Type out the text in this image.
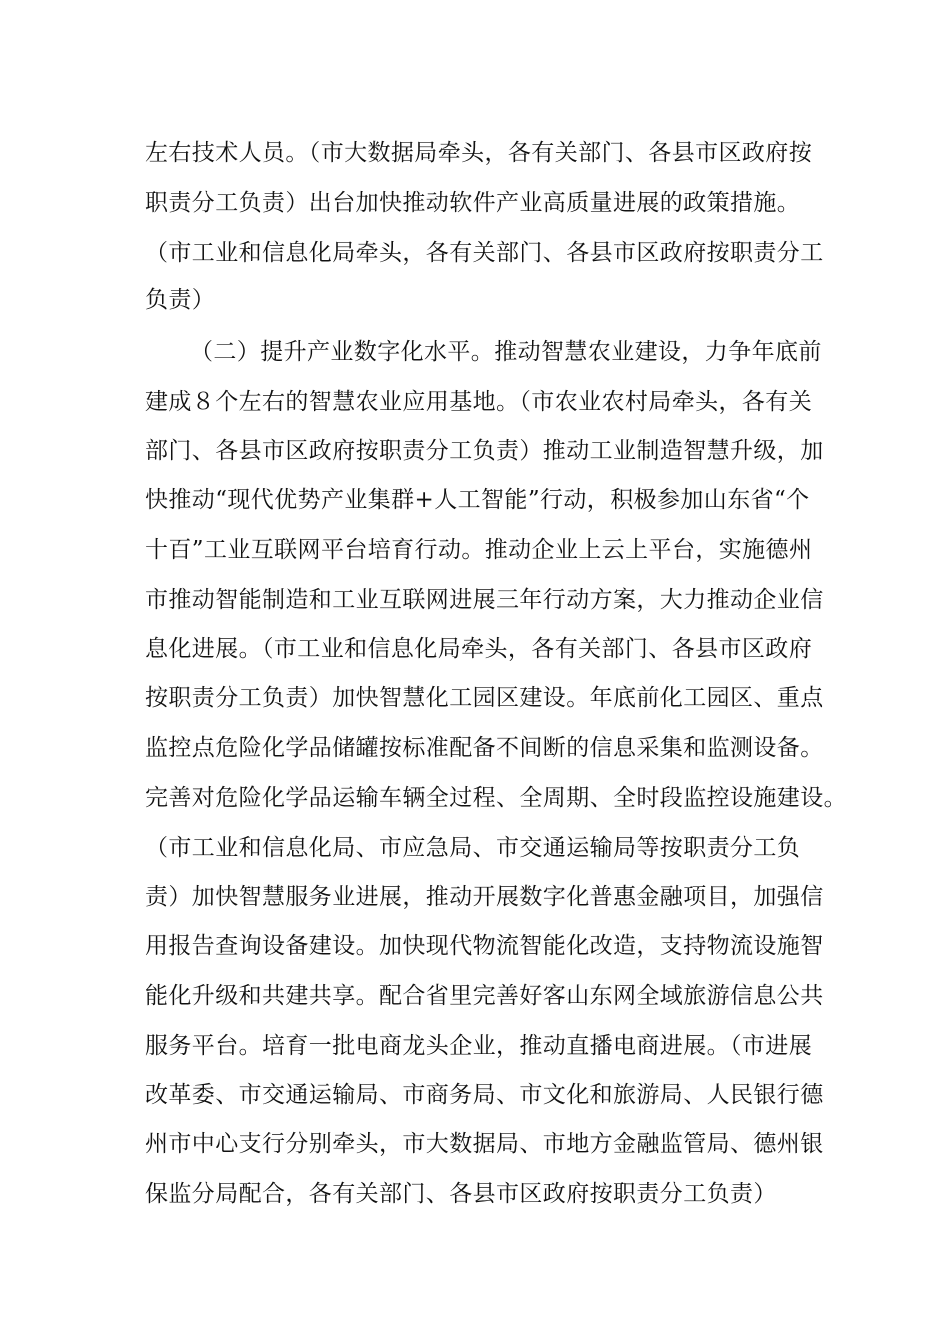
左右技术人员。（市大数据局牵头，各有关部门、各县市区政府按
职责分工负责）出台加快推动软件产业高质量进展的政策措施。
（市工业和信息化局牵头，各有关部门、各县市区政府按职责分工
负责）
（二）提升产业数字化水平。推动智慧农业建设，力争年底前
建成８个左右的智慧农业应用基地。（市农业农村局牵头，各有关
部门、各县市区政府按职责分工负责）推动工业制造智慧升级，加
快推动“现代优势产业集群+人工智能”行动，积极参加山东省“个
十百”工业互联网平台培育行动。推动企业上云上平台，实施德州
市推动智能制造和工业互联网进展三年行动方案，大力推动企业信
息化进展。（市工业和信息化局牵头，各有关部门、各县市区政府
按职责分工负责）加快智慧化工园区建设。年底前化工园区、重点
监控点危险化学品储罐按标准配备不间断的信息采集和监测设备。
完善对危险化学品运输车辆全过程、全周期、全时段监控设施建设。
（市工业和信息化局、市应急局、市交通运输局等按职责分工负
责）加快智慧服务业进展，推动开展数字化普惠金融项目，加强信
用报告查询设备建设。加快现代物流智能化改造，支持物流设施智
能化升级和共建共享。配合省里完善好客山东网全域旅游信息公共
服务平台。培育一批电商龙头企业，推动直播电商进展。（市进展
改革委、市交通运输局、市商务局、市文化和旅游局、人民银行德
州市中心支行分别牵头，市大数据局、市地方金融监管局、德州银
保监分局配合，各有关部门、各县市区政府按职责分工负责）
